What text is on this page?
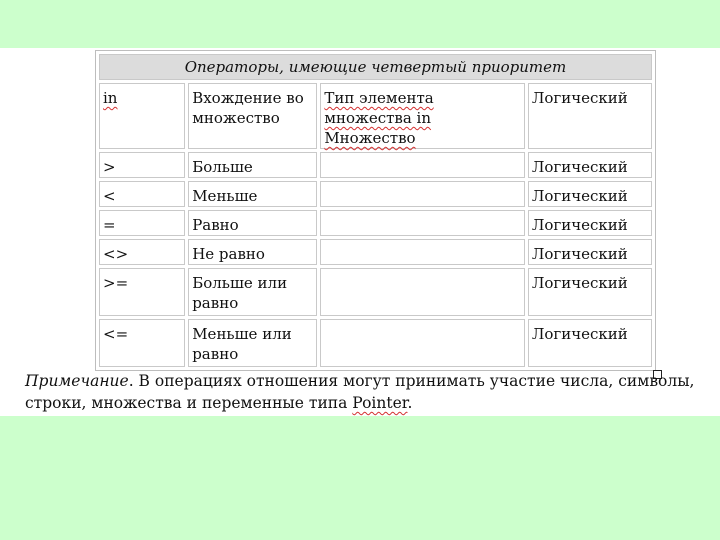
Операторы, имеющие четвертый приоритет			
in	Вхождение во множество	Тип элемента множества in Множество	Логический
>	Больше		Логический
<	Меньше		Логический
=	Равно		Логический
<>	Не равно		Логический
>=	Больше или равно		Логический
<=	Меньше или равно		Логический
Примечание. В операциях отношения могут принимать участие числа, символы, строки, множества и переменные типа Pointer.
